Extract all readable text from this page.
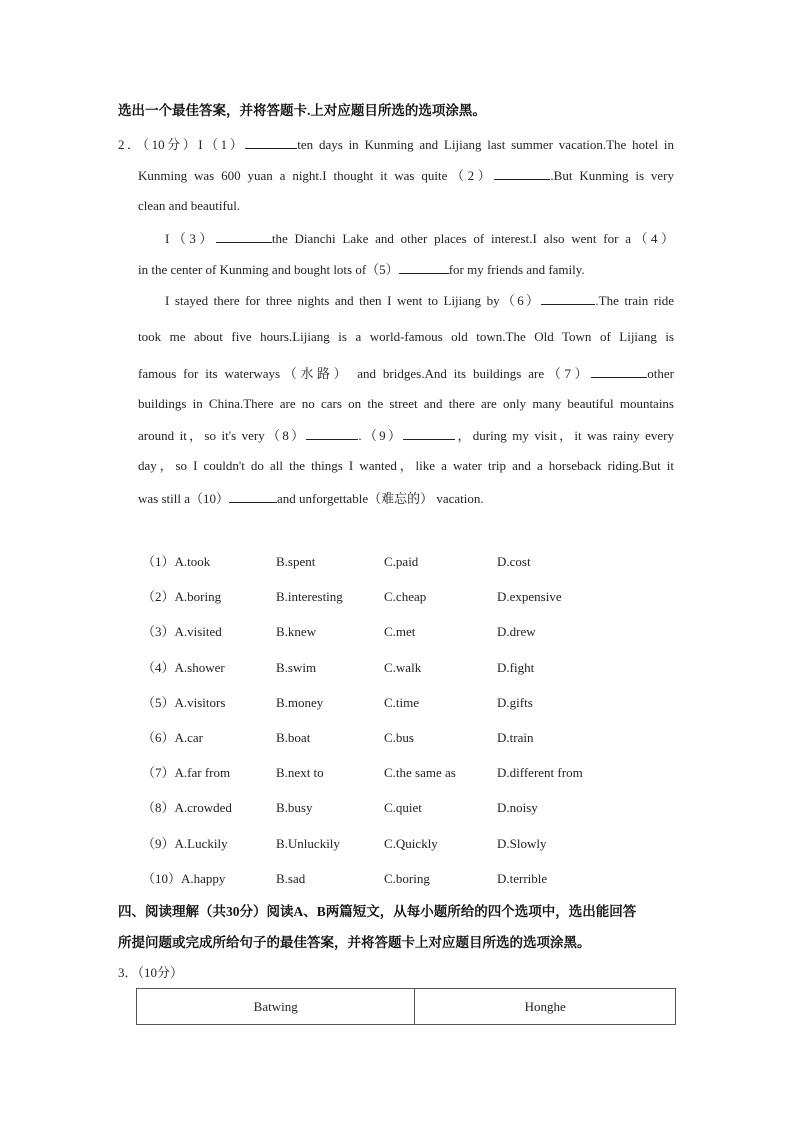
选出一个最佳答案，并将答题卡.上对应题目所选的选项涂黑。
2．（10分）I（1）	ten days in Kunming and Lijiang last summer vacation.The hotel in
Kunming was 600 yuan a night.I thought it was quite（2）	.But Kunming is very
clean and beautiful.
I（3）	the Dianchi Lake and other places of interest.I also went for a（4）
in the center of Kunming and bought lots of（5）	for my friends and family.
I stayed there for three nights and then I went to Lijiang by（6）	.The train ride
took me about five hours.Lijiang is a world-famous old town.The Old Town of Lijiang is
famous for its waterways（水路） and bridges.And its buildings are（7）	other
buildings in China.There are no cars on the street and there are only many beautiful mountains
around it，so it's very（8）	.（9）	，during my visit，it was rainy every
day，so I couldn't do all the things I wanted，like a water trip and a horseback riding.But it
was still a（10）	and unforgettable（难忘的） vacation.
（1）A.took	B.spent	C.paid	D.cost
（2）A.boring	B.interesting	C.cheap	D.expensive
（3）A.visited	B.knew	C.met	D.drew
（4）A.shower	B.swim	C.walk	D.fight
（5）A.visitors	B.money	C.time	D.gifts
（6）A.car	B.boat	C.bus	D.train
（7）A.far from	B.next to	C.the same as	D.different from
（8）A.crowded	B.busy	C.quiet	D.noisy
（9）A.Luckily	B.Unluckily	C.Quickly	D.Slowly
（10）A.happy	B.sad	C.boring	D.terrible
四、阅读理解（共30分）阅读A、B两篇短文，从每小题所给的四个选项中，选出能回答
所提问题或完成所给句子的最佳答案，并将答题卡上对应题目所选的选项涂黑。
3．（10分）
Batwing	Honghe
